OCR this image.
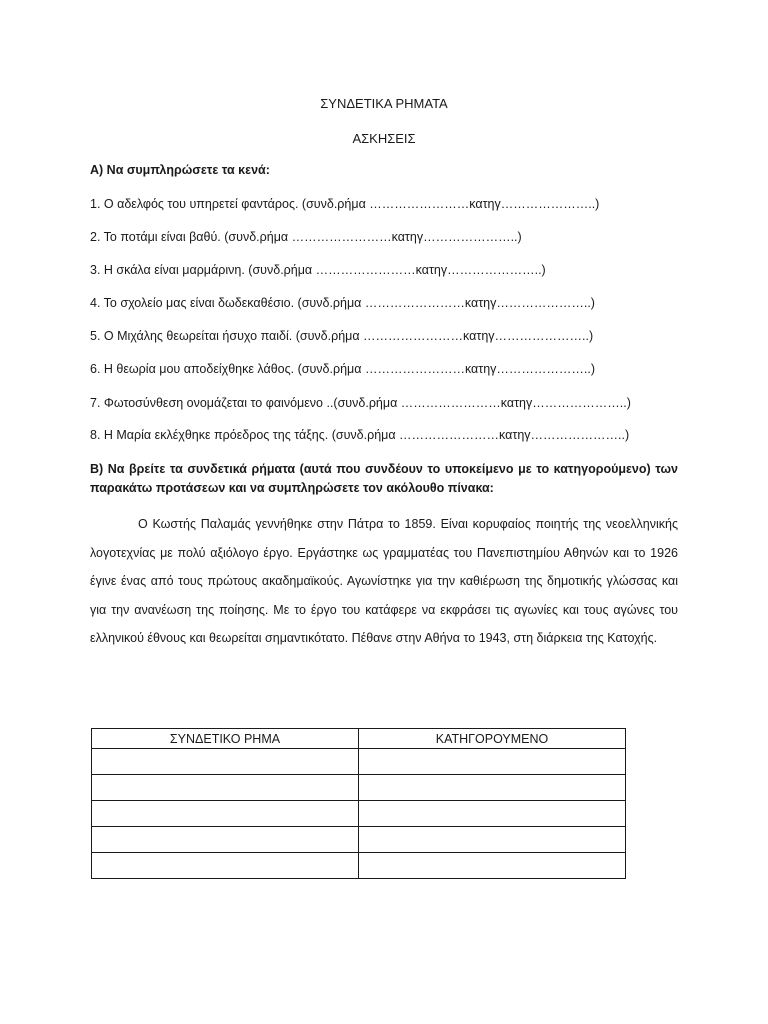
ΣΥΝΔΕΤΙΚΑ ΡΗΜΑΤΑ
ΑΣΚΗΣΕΙΣ
Α) Να συμπληρώσετε τα κενά:
1. Ο αδελφός του υπηρετεί φαντάρος. (συνδ.ρήμα ……………………κατηγ…………………..)
2. Το ποτάμι είναι βαθύ. (συνδ.ρήμα ……………………κατηγ…………………..)
3. Η σκάλα είναι μαρμάρινη. (συνδ.ρήμα ……………………κατηγ…………………..)
4. Το σχολείο μας είναι δωδεκαθέσιο. (συνδ.ρήμα ……………………κατηγ…………………..)
5. Ο Μιχάλης θεωρείται ήσυχο παιδί. (συνδ.ρήμα ……………………κατηγ…………………..)
6. Η θεωρία μου αποδείχθηκε λάθος. (συνδ.ρήμα ……………………κατηγ…………………..)
7. Φωτοσύνθεση ονομάζεται το φαινόμενο ..(συνδ.ρήμα ……………………κατηγ…………………..)
8. Η Μαρία εκλέχθηκε πρόεδρος της τάξης. (συνδ.ρήμα ……………………κατηγ…………………..)
Β) Να βρείτε τα συνδετικά ρήματα (αυτά που συνδέουν το υποκείμενο με το κατηγορούμενο) των παρακάτω προτάσεων και να συμπληρώσετε τον ακόλουθο πίνακα:
Ο Κωστής Παλαμάς γεννήθηκε στην Πάτρα το 1859. Είναι κορυφαίος ποιητής της νεοελληνικής λογοτεχνίας με πολύ αξιόλογο έργο. Εργάστηκε ως γραμματέας του Πανεπιστημίου Αθηνών και το 1926 έγινε ένας από τους πρώτους ακαδημαϊκούς. Αγωνίστηκε για την καθιέρωση της δημοτικής γλώσσας και για την ανανέωση της ποίησης. Με το έργο του κατάφερε να εκφράσει τις αγωνίες και τους αγώνες του ελληνικού έθνους και θεωρείται σημαντικότατο. Πέθανε στην Αθήνα το 1943, στη διάρκεια της Κατοχής.
ΣΥΝΔΕΤΙΚΟ ΡΗΜΑ	ΚΑΤΗΓΟΡΟΥΜΕΝΟ
